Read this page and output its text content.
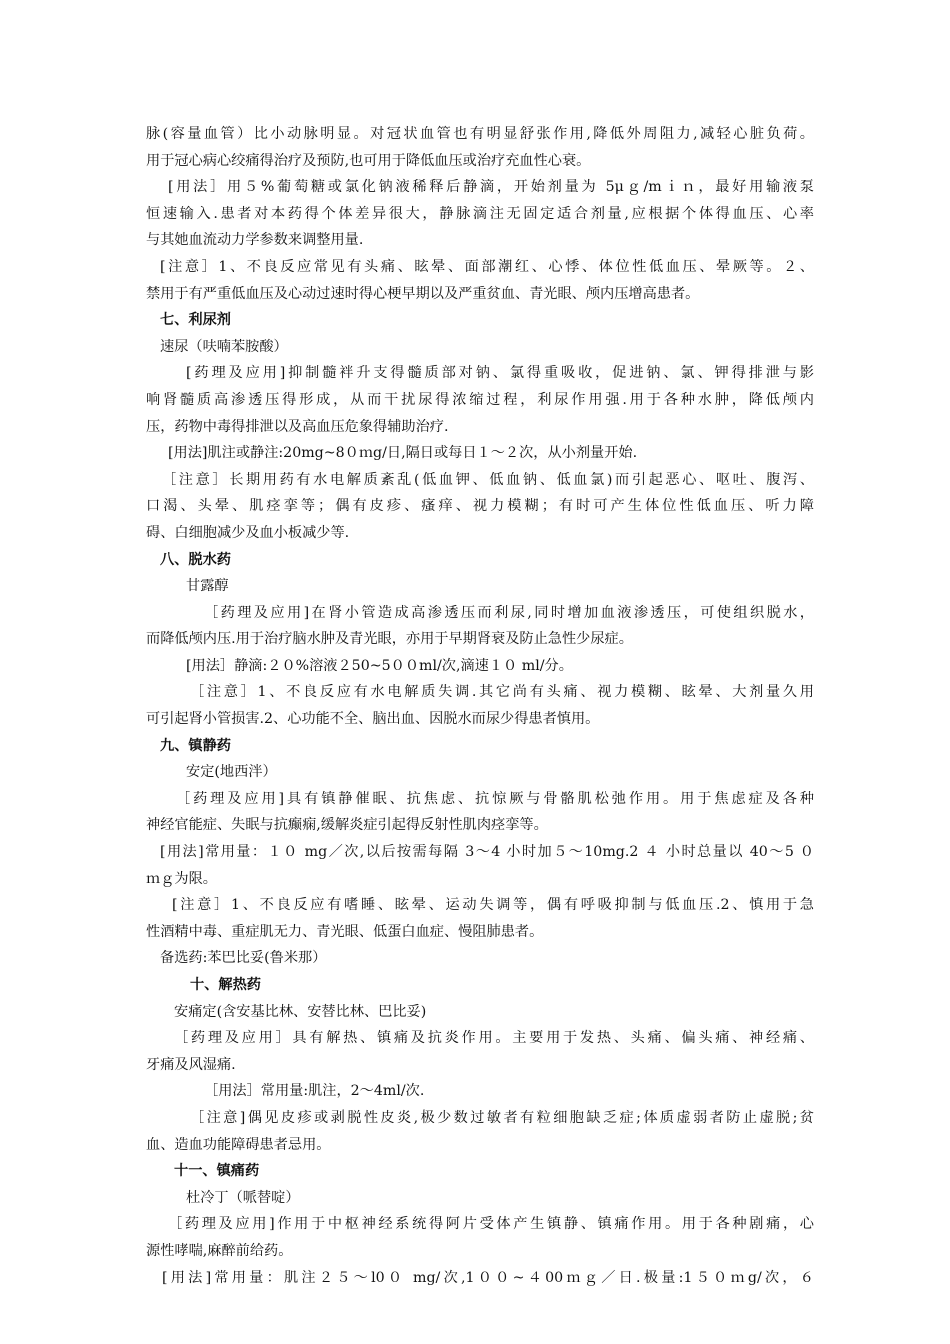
脉(容量血管）比小动脉明显。对冠状血管也有明显舒张作用,降低外周阻力,减轻心脏负荷。
用于冠心病心绞痛得治疗及预防,也可用于降低血压或治疗充血性心衰。
[用法］用５%葡萄糖或氯化钠液稀释后静滴，开始剂量为 5μｇ/mｉｎ，最好用输液泵
恒速输入.患者对本药得个体差异很大，静脉滴注无固定适合剂量,应根据个体得血压、心率
与其她血流动力学参数来调整用量.
[注意］1、不良反应常见有头痛、眩晕、面部潮红、心悸、体位性低血压、晕厥等。２、
禁用于有严重低血压及心动过速时得心梗早期以及严重贫血、青光眼、颅内压增高患者。
七、利尿剂
速尿（呋喃苯胺酸）
[药理及应用]抑制髓袢升支得髓质部对钠、氯得重吸收，促进钠、氯、钾得排泄与影
响肾髓质高渗透压得形成，从而干扰尿得浓缩过程，利尿作用强.用于各种水肿，降低颅内
压，药物中毒得排泄以及高血压危象得辅助治疗.
[用法]肌注或静注:20mg~8０ｍg/日,隔日或每日１～２次，从小剂量开始.
［注意］长期用药有水电解质紊乱(低血钾、低血钠、低血氯)而引起恶心、呕吐、腹泻、
口渴、头晕、肌痉挛等；偶有皮疹、瘙痒、视力模糊；有时可产生体位性低血压、听力障
碍、白细胞减少及血小板减少等.
八、脱水药
甘露醇
［药理及应用]在肾小管造成高渗透压而利尿,同时增加血液渗透压，可使组织脱水，
而降低颅内压.用于治疗脑水肿及青光眼，亦用于早期肾衰及防止急性少尿症。
[用法］静滴:２０%溶液２50~5００ml/次,滴速１０ ml/分。
［注意］1、不良反应有水电解质失调.其它尚有头痛、视力模糊、眩晕、大剂量久用
可引起肾小管损害.2、心功能不全、脑出血、因脱水而尿少得患者慎用。
九、镇静药
安定(地西泮）
［药理及应用]具有镇静催眠、抗焦虑、抗惊厥与骨骼肌松弛作用。用于焦虑症及各种
神经官能症、失眠与抗癫痫,缓解炎症引起得反射性肌肉痉挛等。
[用法]常用量：１０ mg／次,以后按需每隔 3～4 小时加５～10mg.2 ４ 小时总量以 40～5 ０
ｍｇ为限。
[注意］1、不良反应有嗜睡、眩晕、运动失调等，偶有呼吸抑制与低血压.2、慎用于急
性酒精中毒、重症肌无力、青光眼、低蛋白血症、慢阻肺患者。
备选药:苯巴比妥(鲁米那）
十、解热药
安痛定(含安基比林、安替比林、巴比妥)
［药理及应用］具有解热、镇痛及抗炎作用。主要用于发热、头痛、偏头痛、神经痛、
牙痛及风湿痛.
［用法］常用量:肌注，2～4ml/次.
［注意]偶见皮疹或剥脱性皮炎,极少数过敏者有粒细胞缺乏症;体质虚弱者防止虚脱;贫
血、造血功能障碍患者忌用。
十一、镇痛药
杜冷丁（哌替啶）
［药理及应用]作用于中枢神经系统得阿片受体产生镇静、镇痛作用。用于各种剧痛，心
源性哮喘,麻醉前给药。
[用法]常用量：肌注２５～l0０ mg/次,1００~４00ｍｇ／日.极量:1５０ｍg/次，６
